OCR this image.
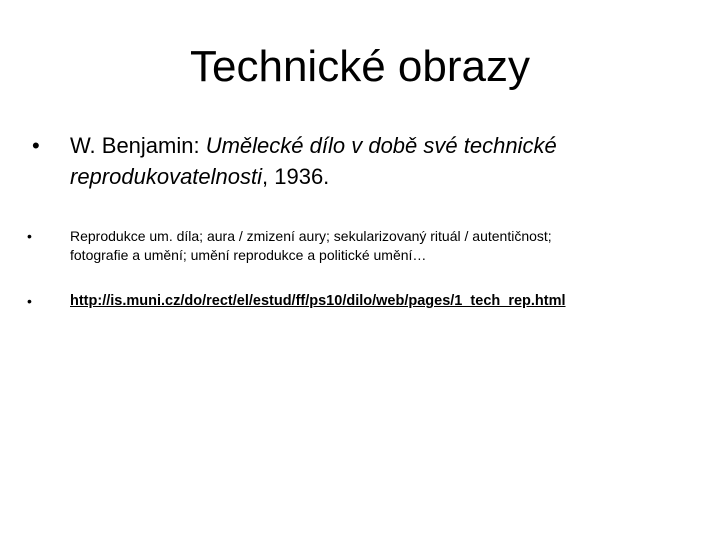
Technické obrazy
• W. Benjamin: Umělecké dílo v době své technické
reprodukovatelnosti, 1936.
•	Reprodukce um. díla; aura / zmizení aury; sekularizovaný rituál / autentičnost;
fotografie a umění; umění reprodukce a politické umění…
•	http://is.muni.cz/do/rect/el/estud/ff/ps10/dilo/web/pages/1_tech_rep.html
